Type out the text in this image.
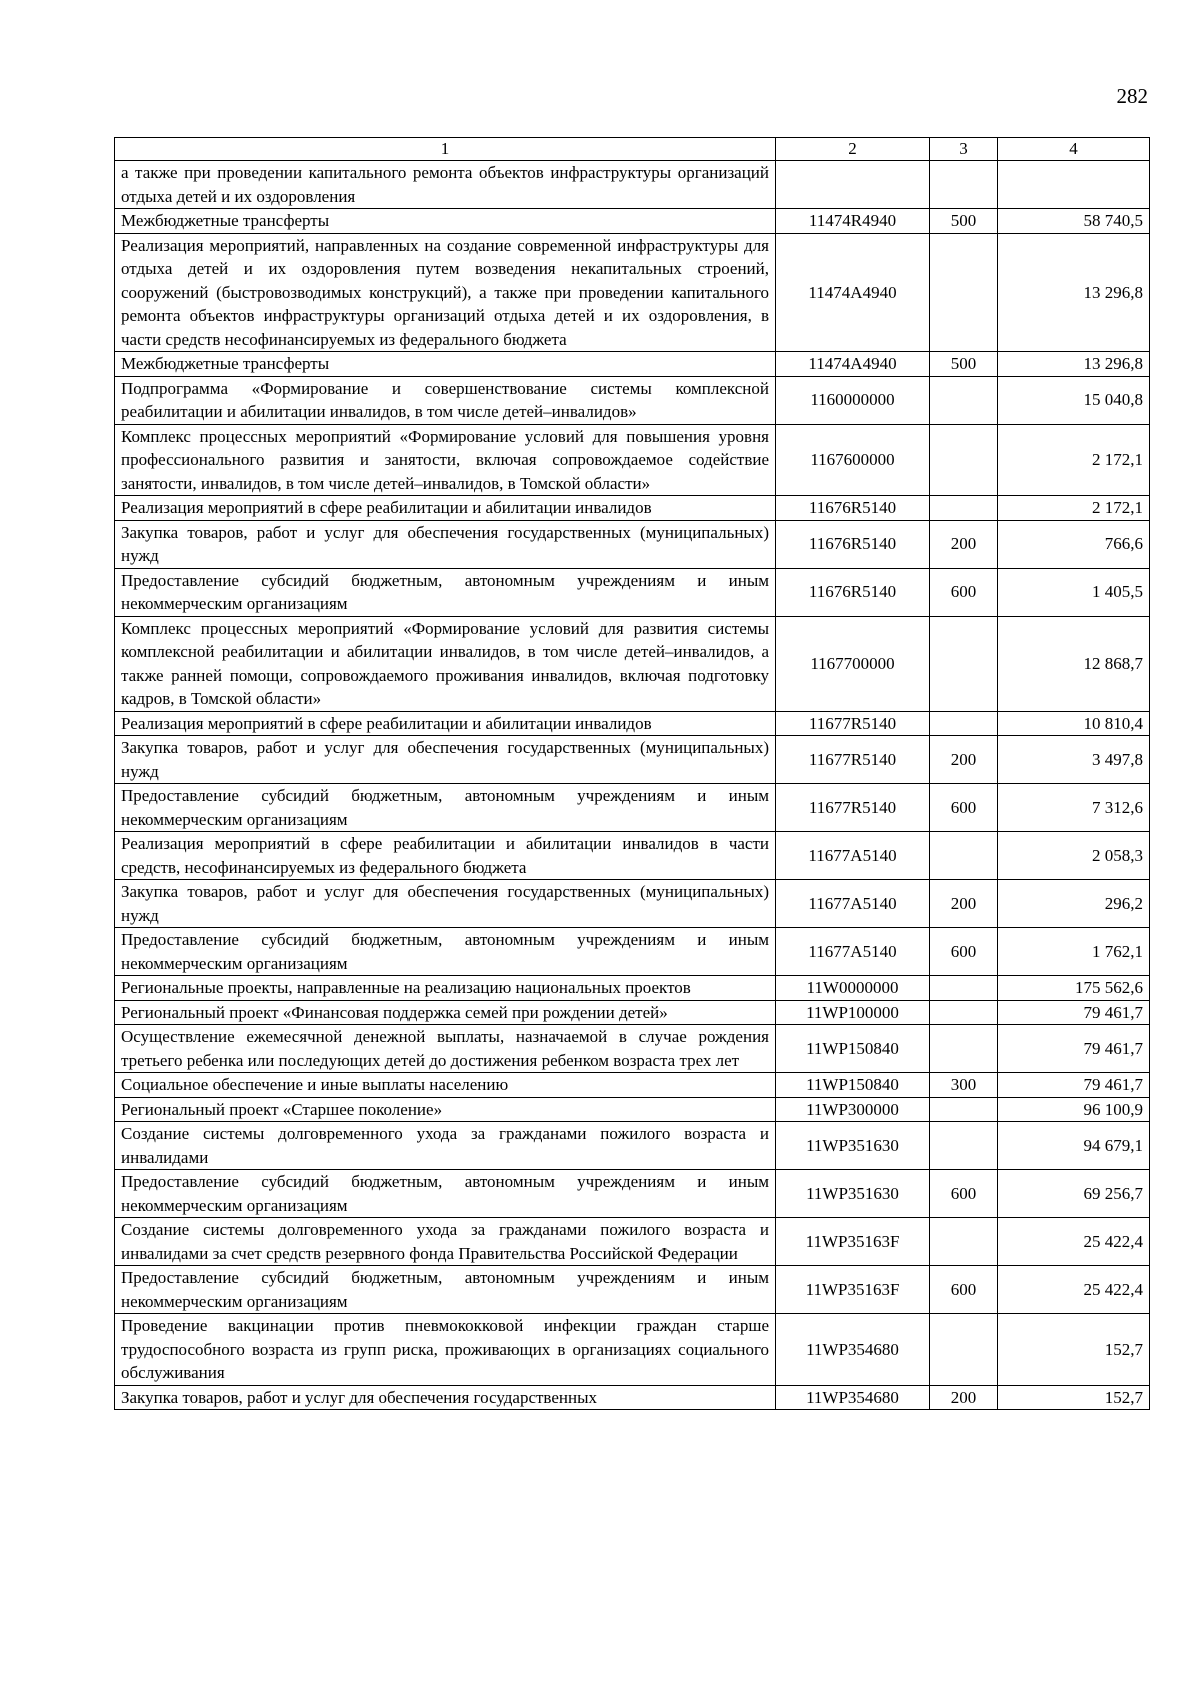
282
1	2	3	4
а также при проведении капитального ремонта объектов инфраструктуры организаций отдыха детей и их оздоровления			
Межбюджетные трансферты	11474R4940	500	58 740,5
Реализация мероприятий, направленных на создание современной инфраструктуры для отдыха детей и их оздоровления путем возведения некапитальных строений, сооружений (быстровозводимых конструкций), а также при проведении капитального ремонта объектов инфраструктуры организаций отдыха детей и их оздоровления, в части средств несофинансируемых из федерального бюджета	11474A4940		13 296,8
Межбюджетные трансферты	11474A4940	500	13 296,8
Подпрограмма «Формирование и совершенствование системы комплексной реабилитации и абилитации инвалидов, в том числе детей–инвалидов»	1160000000		15 040,8
Комплекс процессных мероприятий «Формирование условий для повышения уровня профессионального развития и занятости, включая сопровождаемое содействие занятости, инвалидов, в том числе детей–инвалидов, в Томской области»	1167600000		2 172,1
Реализация мероприятий в сфере реабилитации и абилитации инвалидов	11676R5140		2 172,1
Закупка товаров, работ и услуг для обеспечения государственных (муниципальных) нужд	11676R5140	200	766,6
Предоставление субсидий бюджетным, автономным учреждениям и иным некоммерческим организациям	11676R5140	600	1 405,5
Комплекс процессных мероприятий «Формирование условий для развития системы комплексной реабилитации и абилитации инвалидов, в том числе детей–инвалидов, а также ранней помощи, сопровождаемого проживания инвалидов, включая подготовку кадров, в Томской области»	1167700000		12 868,7
Реализация мероприятий в сфере реабилитации и абилитации инвалидов	11677R5140		10 810,4
Закупка товаров, работ и услуг для обеспечения государственных (муниципальных) нужд	11677R5140	200	3 497,8
Предоставление субсидий бюджетным, автономным учреждениям и иным некоммерческим организациям	11677R5140	600	7 312,6
Реализация мероприятий в сфере реабилитации и абилитации инвалидов в части средств, несофинансируемых из федерального бюджета	11677A5140		2 058,3
Закупка товаров, работ и услуг для обеспечения государственных (муниципальных) нужд	11677A5140	200	296,2
Предоставление субсидий бюджетным, автономным учреждениям и иным некоммерческим организациям	11677A5140	600	1 762,1
Региональные проекты, направленные на реализацию национальных проектов	11W0000000		175 562,6
Региональный проект «Финансовая поддержка семей при рождении детей»	11WP100000		79 461,7
Осуществление ежемесячной денежной выплаты, назначаемой в случае рождения третьего ребенка или последующих детей до достижения ребенком возраста трех лет	11WP150840		79 461,7
Социальное обеспечение и иные выплаты населению	11WP150840	300	79 461,7
Региональный проект «Старшее поколение»	11WP300000		96 100,9
Создание системы долговременного ухода за гражданами пожилого возраста и инвалидами	11WP351630		94 679,1
Предоставление субсидий бюджетным, автономным учреждениям и иным некоммерческим организациям	11WP351630	600	69 256,7
Создание системы долговременного ухода за гражданами пожилого возраста и инвалидами за счет средств резервного фонда Правительства Российской Федерации	11WP35163F		25 422,4
Предоставление субсидий бюджетным, автономным учреждениям и иным некоммерческим организациям	11WP35163F	600	25 422,4
Проведение вакцинации против пневмококковой инфекции граждан старше трудоспособного возраста из групп риска, проживающих в организациях социального обслуживания	11WP354680		152,7
Закупка товаров, работ и услуг для обеспечения государственных	11WP354680	200	152,7
